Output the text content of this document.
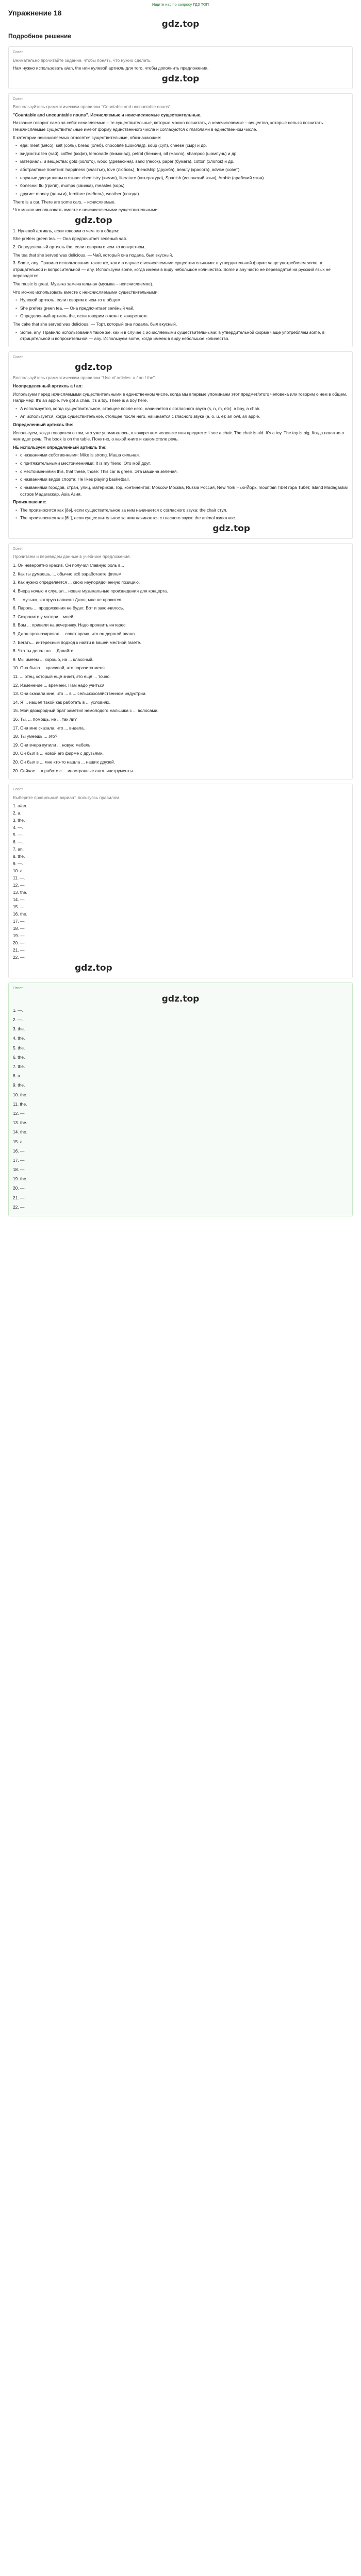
Ищите нас по запросу ГДЗ ТОП
Упражнение 18
gdz.top
Подробное решение
Совет
Внимательно прочитайте задание, чтобы понять, что нужно сделать.
Нам нужно использовать a/an, the или нулевой артикль для того, чтобы дополнить предложения.
gdz.top
Совет
Воспользуйтесь грамматическим правилом "Countable and uncountable nouns".
"Countable and uncountable nouns". Исчисляемые и неисчисляемые существительные.
Название говорит само за себя: исчисляемые – те существительные, которые можно посчитать, а неисчисляемые – вещества, которые нельзя посчитать. Неисчисляемые существительные имеют форму единственного числа и согласуются с глаголами в единственном числе.
К категории неисчисляемых относятся существительные, обозначающие:
• еда: meat (мясо), salt (соль), bread (хлеб), chocolate (шоколад), soup (суп), cheese (сыр) и др.
• жидкости: tea (чай), coffee (кофе), lemonade (лимонад), petrol (бензин), oil (масло), shampoo (шампунь) и др.
• материалы и вещества: gold (золото), wood (древесина), sand (песок), paper (бумага), cotton (хлопок) и др.
• абстрактные понятия: happiness (счастье), love (любовь), friendship (дружба), beauty (красота), advice (совет).
• научные дисциплины и языки: chemistry (химия), literature (литература), Spanish (испанский язык), Arabic (арабский язык)
• болезни: flu (грипп), mumps (свинка), measles (корь)
• другие: money (деньги), furniture (мебель), weather (погода).
There is a car. There are some cars. – исчисляемые.
Что можно использовать вместе с неисчисляемыми существительными:
gdz.top
1. Нулевой артикль, если говорим о чем-то в общем:
She prefers green tea. — Она предпочитает зелёный чай.
2. Определенный артикль the, если говорим о чем-то конкретном.
The tea that she served was delicious. — Чай, который она подала, был вкусный.
3. Some, any. Правило использования такое же, как и в случае с исчисляемыми существительными: в утвердительной форме чаще употребляем some, в отрицательной и вопросительной — any. Используем some, когда имеем в виду небольшое количество. Some и any часто не переводятся на русский язык не переводятся.
The music is great. Музыка замечательная (музыка – неисчисляемое).
Что можно использовать вместе с неисчисляемыми существительными:
• Нулевой артикль, если говорим о чем-то в общем:
• She prefers green tea. — Она предпочитает зелёный чай.
• Определенный артикль the, если говорим о чем-то конкретном.
The cake that she served was delicious. — Торт, который она подала, был вкусный.
• Some, any. Правило использования такое же, как и в случае с исчисляемыми существительными: в утвердительной форме чаще употребляем some, в отрицательной и вопросительной — any. Используем some, когда имеем в виду небольшое количество.
Совет
gdz.top
Воспользуйтесь грамматическим правилом "Use of articles: a / an / the".
Неопределенный артикль a / an:
Используем перед исчисляемыми существительными в единственном числе, когда мы впервые упоминаем этот предмет/этого человека или говорим о нем в общем. Например: It's an apple. I've got a chair. It's a toy. There is a boy here.
• A используется, когда существительное, стоящее после него, начинается с согласного звука (s, n, m, etc): a boy, a chair.
• An используется, когда существительное, стоящее после него, начинается с гласного звука (a, o, u, e): an owl, an apple.
Определенный артикль the:
Используем, когда говорится о том, что уже упоминалось, о конкретном человеке или предмете: I see a chair. The chair is old. It's a toy. The toy is big. Когда понятно о чем идет речь: The book is on the table. Понятно, о какой книге и каком столе речь.
НЕ используем определенный артикль the:
• с названиями собственными: Mike is strong. Маша сильная.
• с притяжательными местоимениями: It is my friend. Это мой друг.
• с местоимениями this, that these, those: This car is green. Эта машина зеленая.
• с названиями видов спорта: He likes playing basketball.
• с названиями городов, стран, улиц, материков, гор, континентов: Moscow Москва, Russia Россия, New York Нью-Йорк, mountain Tibet гора Тибет, Island Madagaskar остров Мадагаскар, Asia Азия.
Произношение:
• The произносится как [ðə], если существительное за ним начинается с согласного звука: the chair стул.
• The произносится как [ði:], если существительное за ним начинается с гласного звука: the animal животное.
gdz.top
Совет
Прочитаем и переведем данные в учебнике предложения:
1. Он невероятно красив. Он получил главную роль в...
2. Как ты думаешь, ... обычно всё заработаете фильм.
3. Как нужно определяется ... свою неупорядоченную позицию.
4. Вчера ночью я слушал... новые музыкальные произведения для концерта.
5. ... музыка, которую написал Джон, мне не нравится.
6. Пароль ... продолжения не будет. Вот и закончилось.
7. Сохраните у матери... моей.
8. Вам ... привели на вечеринку. Надо проявить интерес.
9. Джон прогнозировал ... совет врача, что он дорогой пиано.
7. Бегать... интересный подход к найти в вашей местной газете.
8. Что ты делал на ... Давайте.
9. Мы имеем ... хорошо, на ... классный.
10. Она была ... красивой, что поразила меня.
11. ... отец, который ещё знает, это ещё ... точно.
12. Изменение ... времени. Нам надо учиться.
13. Они сказали мне, что ... в ... сельскохозяйственном индустрии.
14. Я ... нашел такой как работать в ... условиях.
15. Мой двоюродный брат заметил немолодого мальчика с ... волосами.
16. Ты, ... помощь, не ... так ли?
17. Она мне сказала, что ... видела.
18. Ты умеешь ... это?
19. Они вчера купили ... новую мебель.
20. Он был в ... новой его фирме с друзьями.
20. Он был в ... мне кто-то нашла ... наших друзей.
20. Сейчас ... в работе с ... иностранные англ. инструменты.
Совет
Выберите правильный вариант, пользуясь правилом.
1. a/an.
2. a.
3. the.
4. —.
5. —.
6. —.
7. an.
8. the.
9. —.
10. a.
11. —.
12. —.
13. the.
14. —.
15. —.
16. the.
17. —.
18. —.
19. —.
20. —.
21. —.
22. —.
gdz.top
Ответ
gdz.top
1. —.
2. —.
3. the.
4. the.
5. the.
6. the.
7. the.
8. a.
9. the.
10. the.
11. the.
12. —.
13. the.
14. the.
15. a.
16. —.
17. —.
18. —.
19. the.
20. —.
21. —.
22. —.
